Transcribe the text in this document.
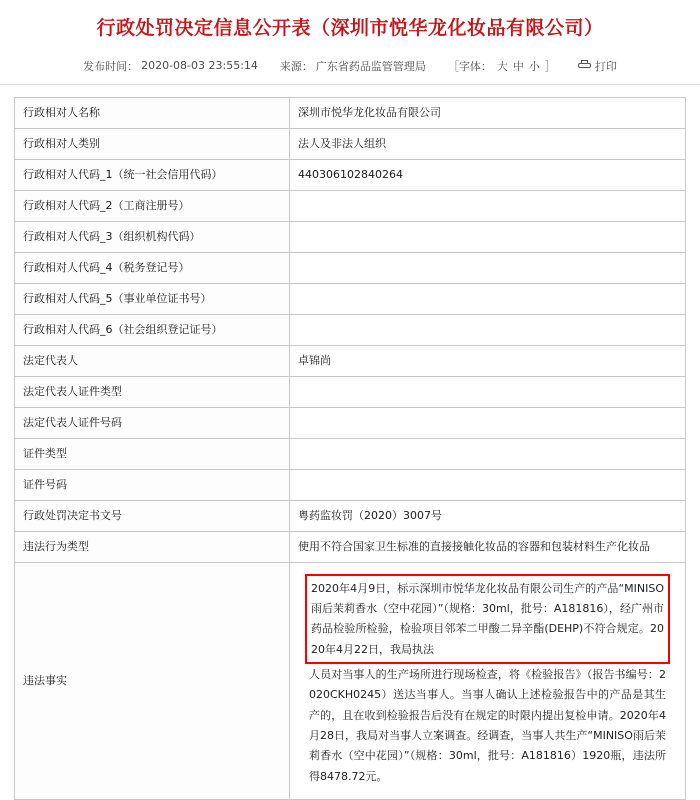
行政处罚决定信息公开表（深圳市悦华龙化妆品有限公司）
发布时间： 2020-08-03 23:55:14 来源： 广东省药品监管管理局 ［字体： 大 中 小 ］	打印
行政相对人名称	深圳市悦华龙化妆品有限公司
行政相对人类别	法人及非法人组织
行政相对人代码_1（统一社会信用代码）	440306102840264
行政相对人代码_2（工商注册号）	
行政相对人代码_3（组织机构代码）	
行政相对人代码_4（税务登记号）	
行政相对人代码_5（事业单位证书号）	
行政相对人代码_6（社会组织登记证号）	
法定代表人	卓锦尚
法定代表人证件类型	
法定代表人证件号码	
证件类型	
证件号码	
行政处罚决定书文号	粤药监妆罚（2020）3007号
违法行为类型	使用不符合国家卫生标准的直接接触化妆品的容器和包装材料生产化妆品
违法事实	2020年4月9日，标示深圳市悦华龙化妆品有限公司生产的产品“MINISO雨后茉莉香水（空中花园）”（规格：30ml，批号：A181816），经广州市药品检验所检验，检验项目邻苯二甲酸二异辛酯(DEHP)不符合规定。2020年4月22日，我局执法
人员对当事人的生产场所进行现场检查，将《检验报告》（报告书编号：2020CKH0245）送达当事人。当事人确认上述检验报告中的产品是其生产的，且在收到检验报告后没有在规定的时限内提出复检申请。2020年4月28日，我局对当事人立案调查。经调查，当事人共生产“MINISO雨后茉莉香水（空中花园）”（规格：30ml，批号：A181816）1920瓶，违法所得8478.72元。
